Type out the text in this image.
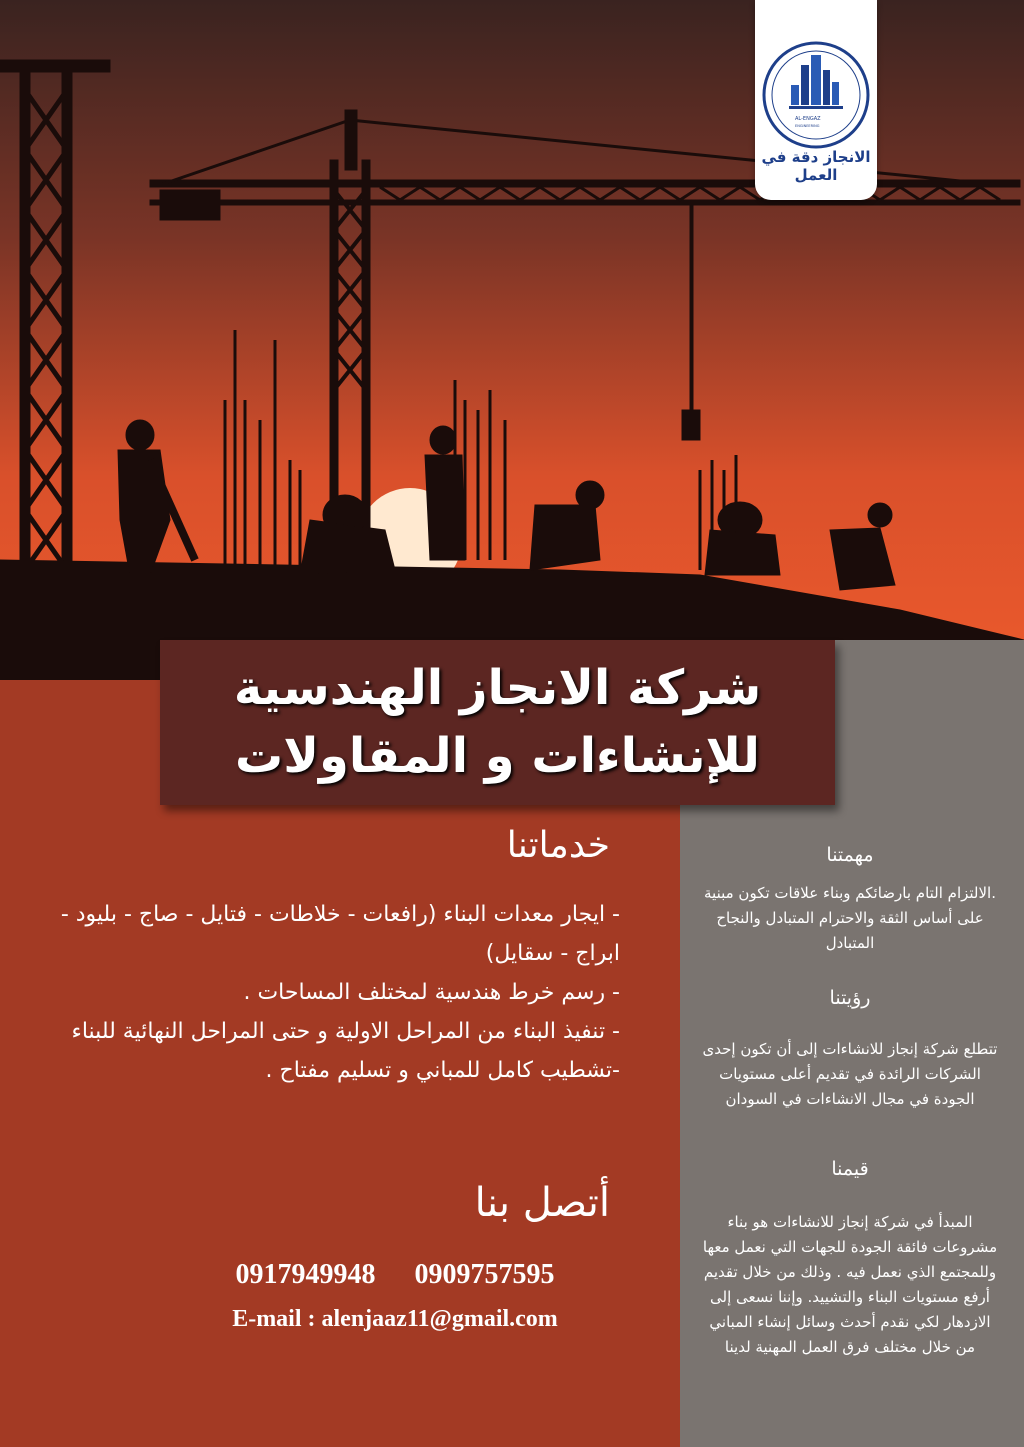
AL-ENGAZ
ENGINEERING
الانجاز دقة في العمل
شركة الانجاز الهندسية
للإنشاءات و المقاولات
خدماتنا
- ايجار معدات البناء (رافعات - خلاطات - فتايل - صاج - بليود - ابراج - سقايل)
- رسم خرط هندسية لمختلف المساحات .
- تنفيذ البناء من المراحل الاولية و حتى المراحل النهائية للبناء
-تشطيب كامل للمباني و تسليم مفتاح .
أتصل بنا
0917949948 0909757595
E-mail : alenjaaz11@gmail.com
مهمتنا

.الالتزام التام بارضائكم وبناء علاقات تكون مبنية على أساس الثقة والاحترام المتبادل والنجاح المتبادل

رؤيتنا

تتطلع شركة إنجاز للانشاءات إلى أن تكون إحدى الشركات الرائدة في تقديم أعلى مستويات الجودة في مجال الانشاءات في السودان

قيمنا

المبدأ في شركة إنجاز للانشاءات هو بناء مشروعات فائقة الجودة للجهات التي نعمل معها وللمجتمع الذي نعمل فيه . وذلك من خلال تقديم أرفع مستويات البناء والتشييد. وإننا نسعى إلى الازدهار لكي نقدم أحدث وسائل إنشاء المباني من خلال مختلف فرق العمل المهنية لدينا
